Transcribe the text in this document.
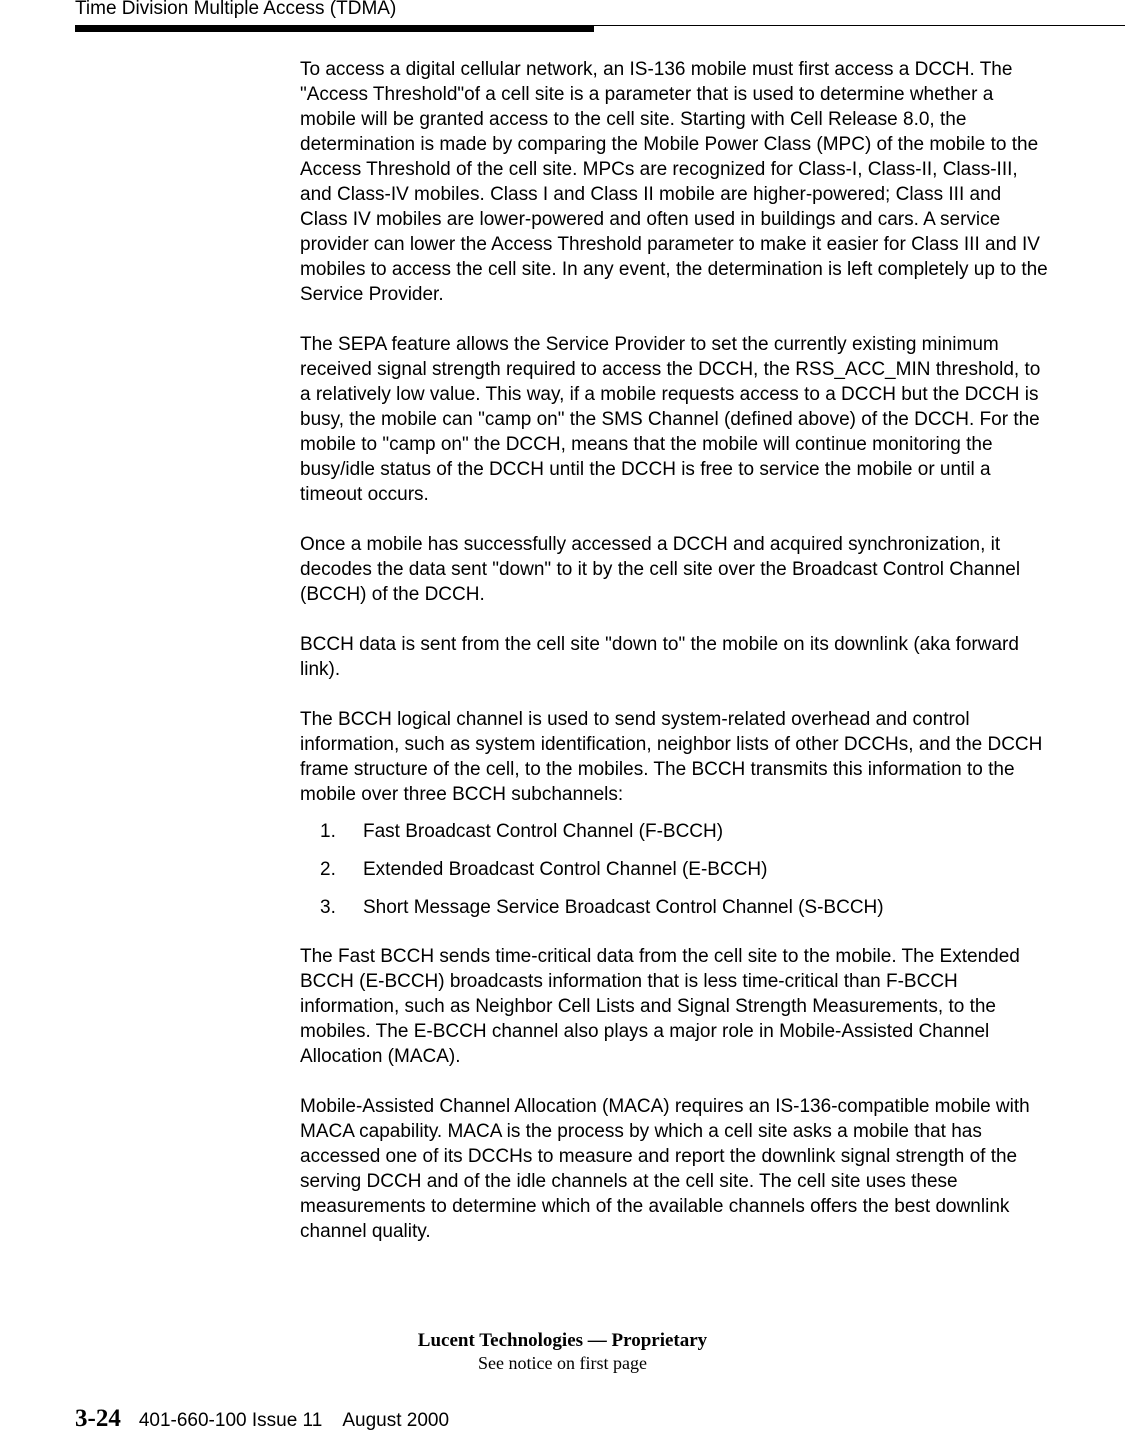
Time Division Multiple Access (TDMA)

To access a digital cellular network, an IS-136 mobile must first access a DCCH. The "Access Threshold"of a cell site is a parameter that is used to determine whether a mobile will be granted access to the cell site. Starting with Cell Release 8.0, the determination is made by comparing the Mobile Power Class (MPC) of the mobile to the Access Threshold of the cell site. MPCs are recognized for Class-I, Class-II, Class-III, and Class-IV mobiles. Class I and Class II mobile are higher-powered; Class III and Class IV mobiles are lower-powered and often used in buildings and cars. A service provider can lower the Access Threshold parameter to make it easier for Class III and IV mobiles to access the cell site. In any event, the determination is left completely up to the Service Provider.

The SEPA feature allows the Service Provider to set the currently existing minimum received signal strength required to access the DCCH, the RSS_ACC_MIN threshold, to a relatively low value. This way, if a mobile requests access to a DCCH but the DCCH is busy, the mobile can "camp on" the SMS Channel (defined above) of the DCCH. For the mobile to "camp on" the DCCH, means that the mobile will continue monitoring the busy/idle status of the DCCH until the DCCH is free to service the mobile or until a timeout occurs.

Once a mobile has successfully accessed a DCCH and acquired synchronization, it decodes the data sent "down" to it by the cell site over the Broadcast Control Channel (BCCH) of the DCCH.

BCCH data is sent from the cell site "down to" the mobile on its downlink (aka forward link).

The BCCH logical channel is used to send system-related overhead and control information, such as system identification, neighbor lists of other DCCHs, and the DCCH frame structure of the cell, to the mobiles. The BCCH transmits this information to the mobile over three BCCH subchannels:

1.	Fast Broadcast Control Channel (F-BCCH)
2.	Extended Broadcast Control Channel (E-BCCH)
3.	Short Message Service Broadcast Control Channel (S-BCCH)

The Fast BCCH sends time-critical data from the cell site to the mobile. The Extended BCCH (E-BCCH) broadcasts information that is less time-critical than F-BCCH information, such as Neighbor Cell Lists and Signal Strength Measurements, to the mobiles. The E-BCCH channel also plays a major role in Mobile-Assisted Channel Allocation (MACA).

Mobile-Assisted Channel Allocation (MACA) requires an IS-136-compatible mobile with MACA capability. MACA is the process by which a cell site asks a mobile that has accessed one of its DCCHs to measure and report the downlink signal strength of the serving DCCH and of the idle channels at the cell site. The cell site uses these measurements to determine which of the available channels offers the best downlink channel quality.

Lucent Technologies — Proprietary
See notice on first page
3-24 401-660-100 Issue 11    August 2000
